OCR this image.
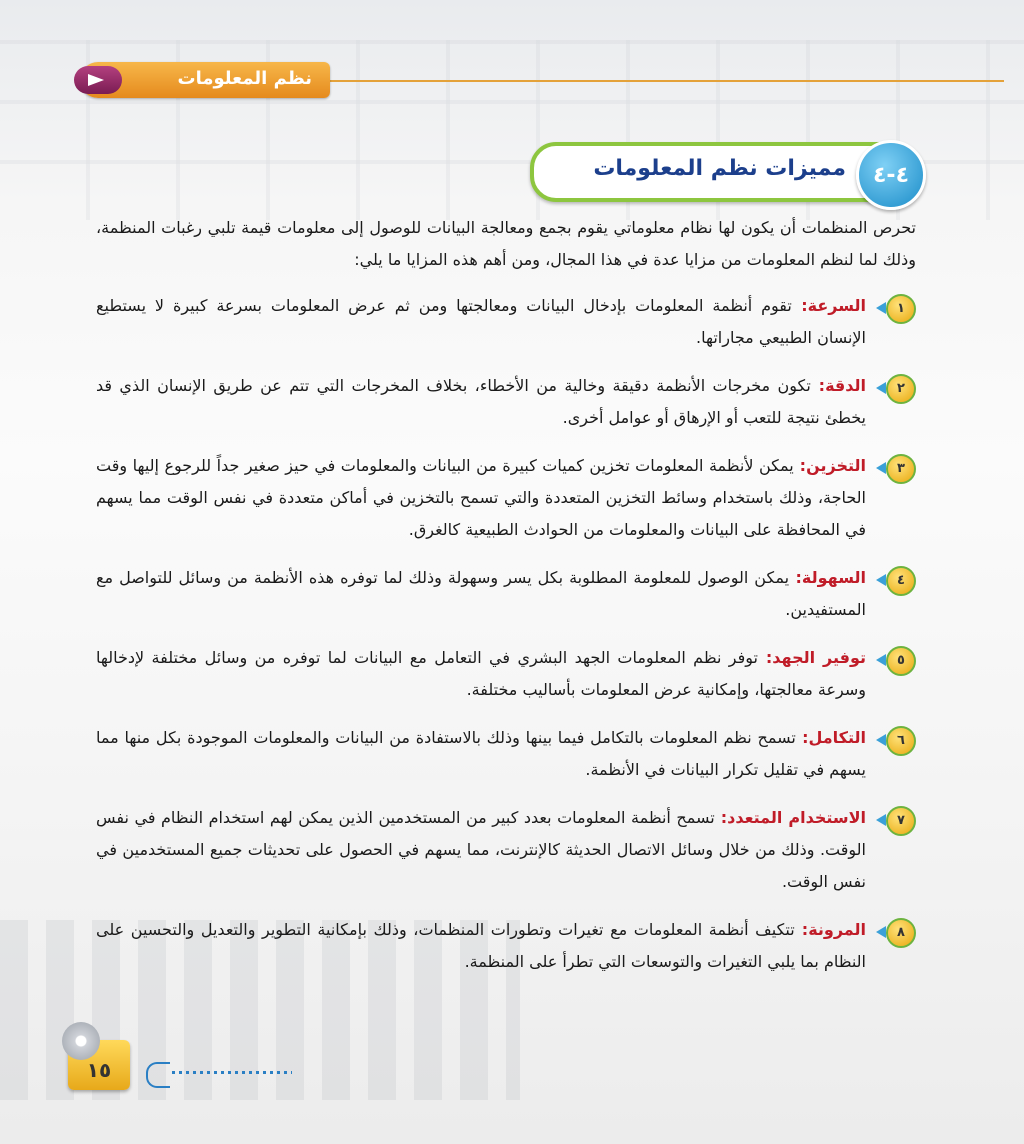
نظم المعلومات
٤-٤
مميزات نظم المعلومات

تحرص المنظمات أن يكون لها نظام معلوماتي يقوم بجمع ومعالجة البيانات للوصول إلى معلومات قيمة تلبي رغبات المنظمة، وذلك لما لنظم المعلومات من مزايا عدة في هذا المجال، ومن أهم هذه المزايا ما يلي:

١
السرعة: تقوم أنظمة المعلومات بإدخال البيانات ومعالجتها ومن ثم عرض المعلومات بسرعة كبيرة لا يستطيع الإنسان الطبيعي مجاراتها.
٢
الدقة: تكون مخرجات الأنظمة دقيقة وخالية من الأخطاء، بخلاف المخرجات التي تتم عن طريق الإنسان الذي قد يخطئ نتيجة للتعب أو الإرهاق أو عوامل أخرى.
٣
التخزين: يمكن لأنظمة المعلومات تخزين كميات كبيرة من البيانات والمعلومات في حيز صغير جداً للرجوع إليها وقت الحاجة، وذلك باستخدام وسائط التخزين المتعددة والتي تسمح بالتخزين في أماكن متعددة في نفس الوقت مما يسهم في المحافظة على البيانات والمعلومات من الحوادث الطبيعية كالغرق.
٤
السهولة: يمكن الوصول للمعلومة المطلوبة بكل يسر وسهولة وذلك لما توفره هذه الأنظمة من وسائل للتواصل مع المستفيدين.
٥
توفير الجهد: توفر نظم المعلومات الجهد البشري في التعامل مع البيانات لما توفره من وسائل مختلفة لإدخالها وسرعة معالجتها، وإمكانية عرض المعلومات بأساليب مختلفة.
٦
التكامل: تسمح نظم المعلومات بالتكامل فيما بينها وذلك بالاستفادة من البيانات والمعلومات الموجودة بكل منها مما يسهم في تقليل تكرار البيانات في الأنظمة.
٧
الاستخدام المتعدد: تسمح أنظمة المعلومات بعدد كبير من المستخدمين الذين يمكن لهم استخدام النظام في نفس الوقت. وذلك من خلال وسائل الاتصال الحديثة كالإنترنت، مما يسهم في الحصول على تحديثات جميع المستخدمين في نفس الوقت.
٨
المرونة: تتكيف أنظمة المعلومات مع تغيرات وتطورات المنظمات، وذلك بإمكانية التطوير والتعديل والتحسين على النظام بما يلبي التغيرات والتوسعات التي تطرأ على المنظمة.
١٥
